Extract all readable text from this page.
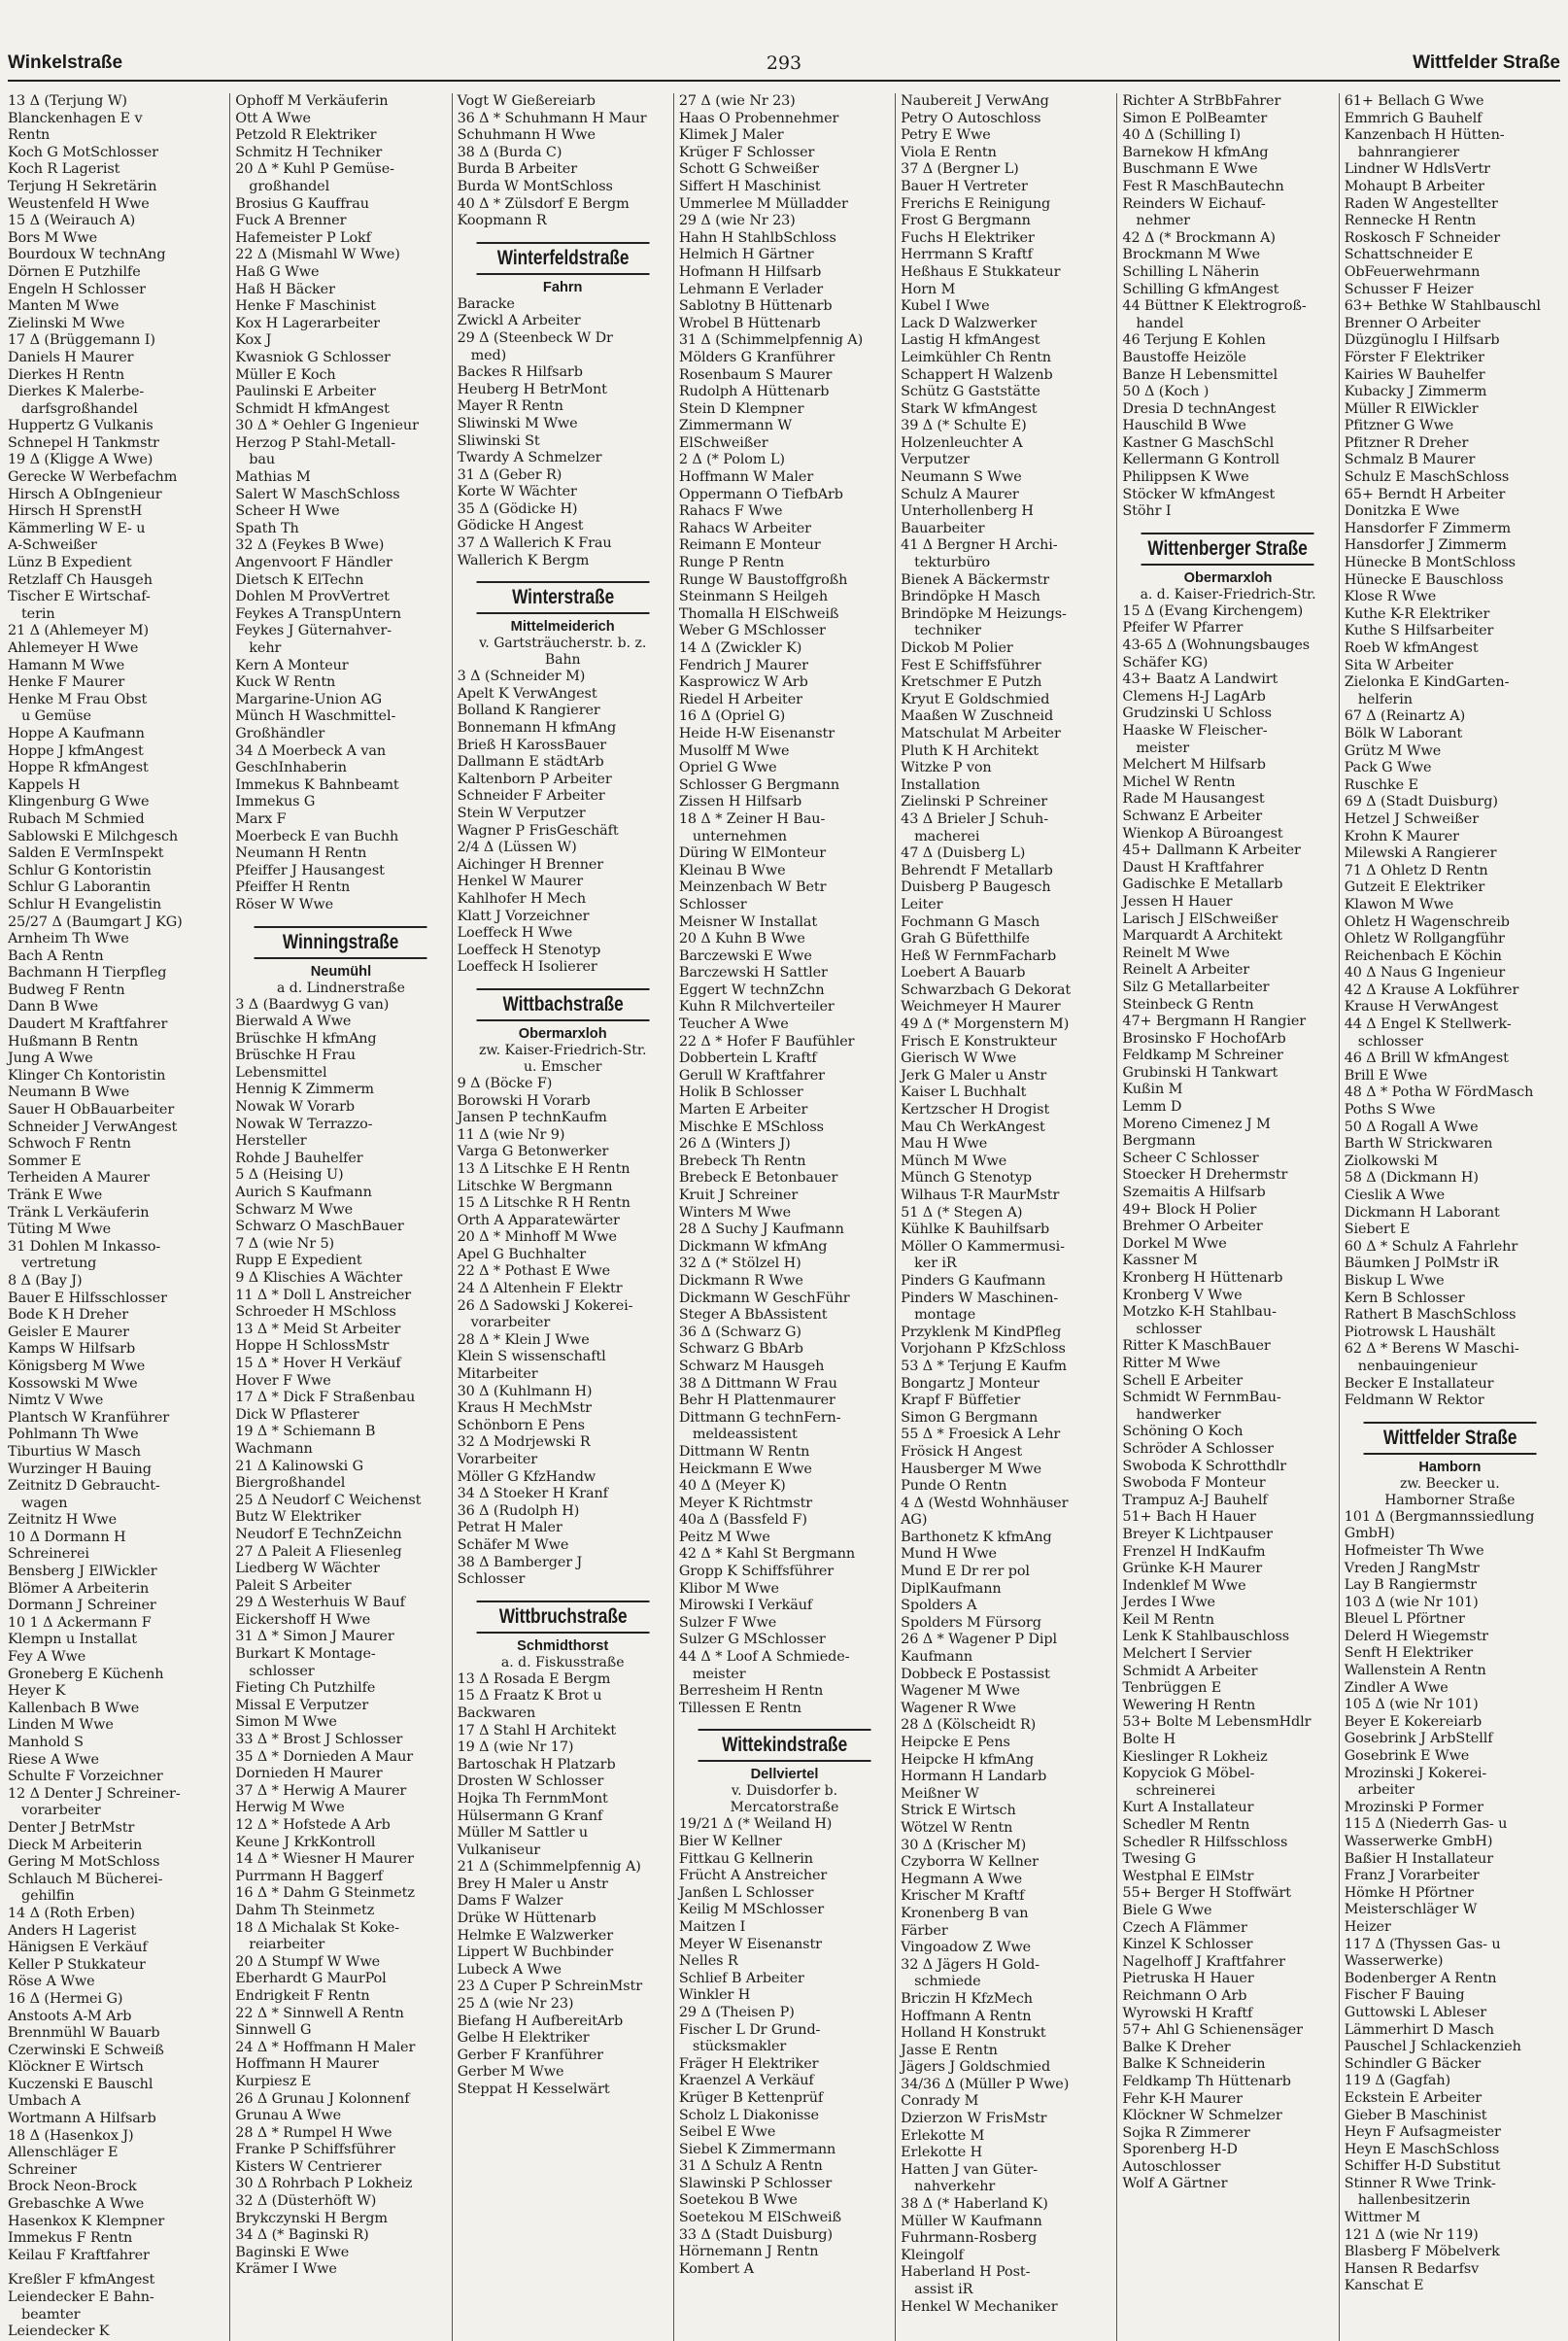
Winkelstraße	293	Wittfelder Straße
13 Δ (Terjung W)
Blanckenhagen E v
Rentn
Koch G MotSchlosser
Koch R Lagerist
Terjung H Sekretärin
Weustenfeld H Wwe
15 Δ (Weirauch A)
Bors M Wwe
Bourdoux W technAng
Dörnen E Putzhilfe
Engeln H Schlosser
Manten M Wwe
Zielinski M Wwe
17 Δ (Brüggemann I)
Daniels H Maurer
Dierkes H Rentn
Dierkes K Malerbe-
darfsgroßhandel
Huppertz G Vulkanis
Schnepel H Tankmstr
19 Δ (Kligge A Wwe)
Gerecke W Werbefachm
Hirsch A ObIngenieur
Hirsch H SprenstH
Kämmerling W E- u
A-Schweißer
Lünz B Expedient
Retzlaff Ch Hausgeh
Tischer E Wirtschaf-
terin
21 Δ (Ahlemeyer M)
Ahlemeyer H Wwe
Hamann M Wwe
Henke F Maurer
Henke M Frau Obst
u Gemüse
Hoppe A Kaufmann
Hoppe J kfmAngest
Hoppe R kfmAngest
Kappels H
Klingenburg G Wwe
Rubach M Schmied
Sablowski E Milchgesch
Salden E VermInspekt
Schlur G Kontoristin
Schlur G Laborantin
Schlur H Evangelistin
25/27 Δ (Baumgart J KG)
Arnheim Th Wwe
Bach A Rentn
Bachmann H Tierpfleg
Budweg F Rentn
Dann B Wwe
Daudert M Kraftfahrer
Hußmann B Rentn
Jung A Wwe
Klinger Ch Kontoristin
Neumann B Wwe
Sauer H ObBauarbeiter
Schneider J VerwAngest
Schwoch F Rentn
Sommer E
Terheiden A Maurer
Tränk E Wwe
Tränk L Verkäuferin
Tüting M Wwe
31 Dohlen M Inkasso-
vertretung
8 Δ (Bay J)
Bauer E Hilfsschlosser
Bode K H Dreher
Geisler E Maurer
Kamps W Hilfsarb
Königsberg M Wwe
Kossowski M Wwe
Nimtz V Wwe
Plantsch W Kranführer
Pohlmann Th Wwe
Tiburtius W Masch
Wurzinger H Bauing
Zeitnitz D Gebraucht-
wagen
Zeitnitz H Wwe
10 Δ Dormann H
Schreinerei
Bensberg J ElWickler
Blömer A Arbeiterin
Dormann J Schreiner
10 1 Δ Ackermann F
Klempn u Installat
Fey A Wwe
Groneberg E Küchenh
Heyer K
Kallenbach B Wwe
Linden M Wwe
Manhold S
Riese A Wwe
Schulte F Vorzeichner
12 Δ Denter J Schreiner-
vorarbeiter
Denter J BetrMstr
Dieck M Arbeiterin
Gering M MotSchloss
Schlauch M Bücherei-
gehilfin
14 Δ (Roth Erben)
Anders H Lagerist
Hänigsen E Verkäuf
Keller P Stukkateur
Röse A Wwe
16 Δ (Hermei G)
Anstoots A-M Arb
Brennmühl W Bauarb
Czerwinski E Schweiß
Klöckner E Wirtsch
Kuczenski E Bauschl
Umbach A
Wortmann A Hilfsarb
18 Δ (Hasenkox J)
Allenschläger E
Schreiner
Brock Neon-Brock
Grebaschke A Wwe
Hasenkox K Klempner
Immekus F Rentn
Keilau F Kraftfahrer
Kreßler F kfmAngest
Leiendecker E Bahn-
beamter
Leiendecker K
Ophoff M Verkäuferin
Ott A Wwe
Petzold R Elektriker
Schmitz H Techniker
20 Δ * Kuhl P Gemüse-
großhandel
Brosius G Kauffrau
Fuck A Brenner
Hafemeister P Lokf
22 Δ (Mismahl W Wwe)
Haß G Wwe
Haß H Bäcker
Henke F Maschinist
Kox H Lagerarbeiter
Kox J
Kwasniok G Schlosser
Müller E Koch
Paulinski E Arbeiter
Schmidt H kfmAngest
30 Δ * Oehler G Ingenieur
Herzog P Stahl-Metall-
bau
Mathias M
Salert W MaschSchloss
Scheer H Wwe
Spath Th
32 Δ (Feykes B Wwe)
Angenvoort F Händler
Dietsch K ElTechn
Dohlen M ProvVertret
Feykes A TranspUntern
Feykes J Güternahver-
kehr
Kern A Monteur
Kuck W Rentn
Margarine-Union AG
Münch H Waschmittel-
Großhändler
34 Δ Moerbeck A van
GeschInhaberin
Immekus K Bahnbeamt
Immekus G
Marx F
Moerbeck E van Buchh
Neumann H Rentn
Pfeiffer J Hausangest
Pfeiffer H Rentn
Röser W Wwe
Winningstraße
Neumühl
a d. Lindnerstraße
3 Δ (Baardwyg G van)
Bierwald A Wwe
Brüschke H kfmAng
Brüschke H Frau
Lebensmittel
Hennig K Zimmerm
Nowak W Vorarb
Nowak W Terrazzo-
Hersteller
Rohde J Bauhelfer
5 Δ (Heising U)
Aurich S Kaufmann
Schwarz M Wwe
Schwarz O MaschBauer
7 Δ (wie Nr 5)
Rupp E Expedient
9 Δ Klischies A Wächter
11 Δ * Doll L Anstreicher
Schroeder H MSchloss
13 Δ * Meid St Arbeiter
Hoppe H SchlossMstr
15 Δ * Hover H Verkäuf
Hover F Wwe
17 Δ * Dick F Straßenbau
Dick W Pflasterer
19 Δ * Schiemann B
Wachmann
21 Δ Kalinowski G
Biergroßhandel
25 Δ Neudorf C Weichenst
Butz W Elektriker
Neudorf E TechnZeichn
27 Δ Paleit A Fliesenleg
Liedberg W Wächter
Paleit S Arbeiter
29 Δ Westerhuis W Bauf
Eickershoff H Wwe
31 Δ * Simon J Maurer
Burkart K Montage-
schlosser
Fieting Ch Putzhilfe
Missal E Verputzer
Simon M Wwe
33 Δ * Brost J Schlosser
35 Δ * Dornieden A Maur
Dornieden H Maurer
37 Δ * Herwig A Maurer
Herwig M Wwe
12 Δ * Hofstede A Arb
Keune J KrkKontroll
14 Δ * Wiesner H Maurer
Purrmann H Baggerf
16 Δ * Dahm G Steinmetz
Dahm Th Steinmetz
18 Δ Michalak St Koke-
reiarbeiter
20 Δ Stumpf W Wwe
Eberhardt G MaurPol
Endrigkeit F Rentn
22 Δ * Sinnwell A Rentn
Sinnwell G
24 Δ * Hoffmann H Maler
Hoffmann H Maurer
Kurpiesz E
26 Δ Grunau J Kolonnenf
Grunau A Wwe
28 Δ * Rumpel H Wwe
Franke P Schiffsführer
Kisters W Centrierer
30 Δ Rohrbach P Lokheiz
32 Δ (Düsterhöft W)
Brykczynski H Bergm
34 Δ (* Baginski R)
Baginski E Wwe
Krämer I Wwe
Vogt W Gießereiarb
36 Δ * Schuhmann H Maur
Schuhmann H Wwe
38 Δ (Burda C)
Burda B Arbeiter
Burda W MontSchloss
40 Δ * Zülsdorf E Bergm
Koopmann R
Winterfeldstraße
Fahrn
Baracke
Zwickl A Arbeiter
29 Δ (Steenbeck W Dr
med)
Backes R Hilfsarb
Heuberg H BetrMont
Mayer R Rentn
Sliwinski M Wwe
Sliwinski St
Twardy A Schmelzer
31 Δ (Geber R)
Korte W Wächter
35 Δ (Gödicke H)
Gödicke H Angest
37 Δ Wallerich K Frau
Wallerich K Bergm
Winterstraße
Mittelmeiderich
v. Gartsträucherstr. b. z.
Bahn
3 Δ (Schneider M)
Apelt K VerwAngest
Bolland K Rangierer
Bonnemann H kfmAng
Brieß H KarossBauer
Dallmann E städtArb
Kaltenborn P Arbeiter
Schneider F Arbeiter
Stein W Verputzer
Wagner P FrisGeschäft
2/4 Δ (Lüssen W)
Aichinger H Brenner
Henkel W Maurer
Kahlhofer H Mech
Klatt J Vorzeichner
Loeffeck H Wwe
Loeffeck H Stenotyp
Loeffeck H Isolierer
Wittbachstraße
Obermarxloh
zw. Kaiser-Friedrich-Str.
u. Emscher
9 Δ (Böcke F)
Borowski H Vorarb
Jansen P technKaufm
11 Δ (wie Nr 9)
Varga G Betonwerker
13 Δ Litschke E H Rentn
Litschke W Bergmann
15 Δ Litschke R H Rentn
Orth A Apparatewärter
20 Δ * Minhoff M Wwe
Apel G Buchhalter
22 Δ * Pothast E Wwe
24 Δ Altenhein F Elektr
26 Δ Sadowski J Kokerei-
vorarbeiter
28 Δ * Klein J Wwe
Klein S wissenschaftl
Mitarbeiter
30 Δ (Kuhlmann H)
Kraus H MechMstr
Schönborn E Pens
32 Δ Modrjewski R
Vorarbeiter
Möller G KfzHandw
34 Δ Stoeker H Kranf
36 Δ (Rudolph H)
Petrat H Maler
Schäfer M Wwe
38 Δ Bamberger J
Schlosser
Wittbruchstraße
Schmidthorst
a. d. Fiskusstraße
13 Δ Rosada E Bergm
15 Δ Fraatz K Brot u
Backwaren
17 Δ Stahl H Architekt
19 Δ (wie Nr 17)
Bartoschak H Platzarb
Drosten W Schlosser
Hojka Th FernmMont
Hülsermann G Kranf
Müller M Sattler u
Vulkaniseur
21 Δ (Schimmelpfennig A)
Brey H Maler u Anstr
Dams F Walzer
Drüke W Hüttenarb
Helmke E Walzwerker
Lippert W Buchbinder
Lubeck A Wwe
23 Δ Cuper P SchreinMstr
25 Δ (wie Nr 23)
Biefang H AufbereitArb
Gelbe H Elektriker
Gerber F Kranführer
Gerber M Wwe
Steppat H Kesselwärt
27 Δ (wie Nr 23)
Haas O Probennehmer
Klimek J Maler
Krüger F Schlosser
Schott G Schweißer
Siffert H Maschinist
Ummerlee M Mülladder
29 Δ (wie Nr 23)
Hahn H StahlbSchloss
Helmich H Gärtner
Hofmann H Hilfsarb
Lehmann E Verlader
Sablotny B Hüttenarb
Wrobel B Hüttenarb
31 Δ (Schimmelpfennig A)
Mölders G Kranführer
Rosenbaum S Maurer
Rudolph A Hüttenarb
Stein D Klempner
Zimmermann W
ElSchweißer
2 Δ (* Polom L)
Hoffmann W Maler
Oppermann O TiefbArb
Rahacs F Wwe
Rahacs W Arbeiter
Reimann E Monteur
Runge P Rentn
Runge W Baustoffgroßh
Steinmann S Heilgeh
Thomalla H ElSchweiß
Weber G MSchlosser
14 Δ (Zwickler K)
Fendrich J Maurer
Kasprowicz W Arb
Riedel H Arbeiter
16 Δ (Opriel G)
Heide H-W Eisenanstr
Musolff M Wwe
Opriel G Wwe
Schlosser G Bergmann
Zissen H Hilfsarb
18 Δ * Zeiner H Bau-
unternehmen
Düring W ElMonteur
Kleinau B Wwe
Meinzenbach W Betr
Schlosser
Meisner W Installat
20 Δ Kuhn B Wwe
Barczewski E Wwe
Barczewski H Sattler
Eggert W technZchn
Kuhn R Milchverteiler
Teucher A Wwe
22 Δ * Hofer F Baufühler
Dobbertein L Kraftf
Gerull W Kraftfahrer
Holik B Schlosser
Marten E Arbeiter
Mischke E MSchloss
26 Δ (Winters J)
Brebeck Th Rentn
Brebeck E Betonbauer
Kruit J Schreiner
Winters M Wwe
28 Δ Suchy J Kaufmann
Dickmann W kfmAng
32 Δ (* Stölzel H)
Dickmann R Wwe
Dickmann W GeschFühr
Steger A BbAssistent
36 Δ (Schwarz G)
Schwarz G BbArb
Schwarz M Hausgeh
38 Δ Dittmann W Frau
Behr H Plattenmaurer
Dittmann G technFern-
meldeassistent
Dittmann W Rentn
Heickmann E Wwe
40 Δ (Meyer K)
Meyer K Richtmstr
40a Δ (Bassfeld F)
Peitz M Wwe
42 Δ * Kahl St Bergmann
Gropp K Schiffsführer
Klibor M Wwe
Mirowski I Verkäuf
Sulzer F Wwe
Sulzer G MSchlosser
44 Δ * Loof A Schmiede-
meister
Berresheim H Rentn
Tillessen E Rentn
Wittekindstraße
Dellviertel
v. Duisdorfer b.
Mercatorstraße
19/21 Δ (* Weiland H)
Bier W Kellner
Fittkau G Kellnerin
Frücht A Anstreicher
Janßen L Schlosser
Keilig M MSchlosser
Maitzen I
Meyer W Eisenanstr
Nelles R
Schlief B Arbeiter
Winkler H
29 Δ (Theisen P)
Fischer L Dr Grund-
stücksmakler
Fräger H Elektriker
Kraenzel A Verkäuf
Krüger B Kettenprüf
Scholz L Diakonisse
Seibel E Wwe
Siebel K Zimmermann
31 Δ Schulz A Rentn
Slawinski P Schlosser
Soetekou B Wwe
Soetekou M ElSchweiß
33 Δ (Stadt Duisburg)
Hörnemann J Rentn
Kombert A
Naubereit J VerwAng
Petry O Autoschloss
Petry E Wwe
Viola E Rentn
37 Δ (Bergner L)
Bauer H Vertreter
Frerichs E Reinigung
Frost G Bergmann
Fuchs H Elektriker
Herrmann S Kraftf
Heßhaus E Stukkateur
Horn M
Kubel I Wwe
Lack D Walzwerker
Lastig H kfmAngest
Leimkühler Ch Rentn
Schappert H Walzenb
Schütz G Gaststätte
Stark W kfmAngest
39 Δ (* Schulte E)
Holzenleuchter A
Verputzer
Neumann S Wwe
Schulz A Maurer
Unterhollenberg H
Bauarbeiter
41 Δ Bergner H Archi-
tekturbüro
Bienek A Bäckermstr
Brindöpke H Masch
Brindöpke M Heizungs-
techniker
Dickob M Polier
Fest E Schiffsführer
Kretschmer E Putzh
Kryut E Goldschmied
Maaßen W Zuschneid
Matschulat M Arbeiter
Pluth K H Architekt
Witzke P von
Installation
Zielinski P Schreiner
43 Δ Brieler J Schuh-
macherei
47 Δ (Duisberg L)
Behrendt F Metallarb
Duisberg P Baugesch
Leiter
Fochmann G Masch
Grah G Büfetthilfe
Heß W FernmFacharb
Loebert A Bauarb
Schwarzbach G Dekorat
Weichmeyer H Maurer
49 Δ (* Morgenstern M)
Frisch E Konstrukteur
Gierisch W Wwe
Jerk G Maler u Anstr
Kaiser L Buchhalt
Kertzscher H Drogist
Mau Ch WerkAngest
Mau H Wwe
Münch M Wwe
Münch G Stenotyp
Wilhaus T-R MaurMstr
51 Δ (* Stegen A)
Kühlke K Bauhilfsarb
Möller O Kammermusi-
ker iR
Pinders G Kaufmann
Pinders W Maschinen-
montage
Przyklenk M KindPfleg
Vorjohann P KfzSchloss
53 Δ * Terjung E Kaufm
Bongartz J Monteur
Krapf F Büffetier
Simon G Bergmann
55 Δ * Froesick A Lehr
Frösick H Angest
Hausberger M Wwe
Punde O Rentn
4 Δ (Westd Wohnhäuser
AG)
Barthonetz K kfmAng
Mund H Wwe
Mund E Dr rer pol
DiplKaufmann
Spolders A
Spolders M Fürsorg
26 Δ * Wagener P Dipl
Kaufmann
Dobbeck E Postassist
Wagener M Wwe
Wagener R Wwe
28 Δ (Kölscheidt R)
Heipcke E Pens
Heipcke H kfmAng
Hormann H Landarb
Meißner W
Strick E Wirtsch
Wötzel W Rentn
30 Δ (Krischer M)
Czyborra W Kellner
Hegmann A Wwe
Krischer M Kraftf
Kronenberg B van
Färber
Vingoadow Z Wwe
32 Δ Jägers H Gold-
schmiede
Briczin H KfzMech
Hoffmann A Rentn
Holland H Konstrukt
Jasse E Rentn
Jägers J Goldschmied
34/36 Δ (Müller P Wwe)
Conrady M
Dzierzon W FrisMstr
Erlekotte M
Erlekotte H
Hatten J van Güter-
nahverkehr
38 Δ (* Haberland K)
Müller W Kaufmann
Fuhrmann-Rosberg
Kleingolf
Haberland H Post-
assist iR
Henkel W Mechaniker
Richter A StrBbFahrer
Simon E PolBeamter
40 Δ (Schilling I)
Barnekow H kfmAng
Buschmann E Wwe
Fest R MaschBautechn
Reinders W Eichauf-
nehmer
42 Δ (* Brockmann A)
Brockmann M Wwe
Schilling L Näherin
Schilling G kfmAngest
44 Büttner K Elektrogroß-
handel
46 Terjung E Kohlen
Baustoffe Heizöle
Banze H Lebensmittel
50 Δ (Koch )
Dresia D technAngest
Hauschild B Wwe
Kastner G MaschSchl
Kellermann G Kontroll
Philippsen K Wwe
Stöcker W kfmAngest
Stöhr I
Wittenberger Straße
Obermarxloh
a. d. Kaiser-Friedrich-Str.
15 Δ (Evang Kirchengem)
Pfeifer W Pfarrer
43-65 Δ (Wohnungsbauges
Schäfer KG)
43+ Baatz A Landwirt
Clemens H-J LagArb
Grudzinski U Schloss
Haaske W Fleischer-
meister
Melchert M Hilfsarb
Michel W Rentn
Rade M Hausangest
Schwanz E Arbeiter
Wienkop A Büroangest
45+ Dallmann K Arbeiter
Daust H Kraftfahrer
Gadischke E Metallarb
Jessen H Hauer
Larisch J ElSchweißer
Marquardt A Architekt
Reinelt M Wwe
Reinelt A Arbeiter
Silz G Metallarbeiter
Steinbeck G Rentn
47+ Bergmann H Rangier
Brosinsko F HochofArb
Feldkamp M Schreiner
Grubinski H Tankwart
Kußin M
Lemm D
Moreno Cimenez J M
Bergmann
Scheer C Schlosser
Stoecker H Drehermstr
Szemaitis A Hilfsarb
49+ Block H Polier
Brehmer O Arbeiter
Dorkel M Wwe
Kassner M
Kronberg H Hüttenarb
Kronberg V Wwe
Motzko K-H Stahlbau-
schlosser
Ritter K MaschBauer
Ritter M Wwe
Schell E Arbeiter
Schmidt W FernmBau-
handwerker
Schöning O Koch
Schröder A Schlosser
Swoboda K Schrotthdlr
Swoboda F Monteur
Trampuz A-J Bauhelf
51+ Bach H Hauer
Breyer K Lichtpauser
Frenzel H IndKaufm
Grünke K-H Maurer
Indenklef M Wwe
Jerdes I Wwe
Keil M Rentn
Lenk K Stahlbauschloss
Melchert I Servier
Schmidt A Arbeiter
Tenbrüggen E
Wewering H Rentn
53+ Bolte M LebensmHdlr
Bolte H
Kieslinger R Lokheiz
Kopyciok G Möbel-
schreinerei
Kurt A Installateur
Schedler M Rentn
Schedler R Hilfsschloss
Twesing G
Westphal E ElMstr
55+ Berger H Stoffwärt
Biele G Wwe
Czech A Flämmer
Kinzel K Schlosser
Nagelhoff J Kraftfahrer
Pietruska H Hauer
Reichmann O Arb
Wyrowski H Kraftf
57+ Ahl G Schienensäger
Balke K Dreher
Balke K Schneiderin
Feldkamp Th Hüttenarb
Fehr K-H Maurer
Klöckner W Schmelzer
Sojka R Zimmerer
Sporenberg H-D
Autoschlosser
Wolf A Gärtner
61+ Bellach G Wwe
Emmrich G Bauhelf
Kanzenbach H Hütten-
bahnrangierer
Lindner W HdlsVertr
Mohaupt B Arbeiter
Raden W Angestellter
Rennecke H Rentn
Roskosch F Schneider
Schattschneider E
ObFeuerwehrmann
Schusser F Heizer
63+ Bethke W Stahlbauschl
Brenner O Arbeiter
Düzgünoglu I Hilfsarb
Förster F Elektriker
Kairies W Bauhelfer
Kubacky J Zimmerm
Müller R ElWickler
Pfitzner G Wwe
Pfitzner R Dreher
Schmalz B Maurer
Schulz E MaschSchloss
65+ Berndt H Arbeiter
Donitzka E Wwe
Hansdorfer F Zimmerm
Hansdorfer J Zimmerm
Hünecke B MontSchloss
Hünecke E Bauschloss
Klose R Wwe
Kuthe K-R Elektriker
Kuthe S Hilfsarbeiter
Roeb W kfmAngest
Sita W Arbeiter
Zielonka E KindGarten-
helferin
67 Δ (Reinartz A)
Bölk W Laborant
Grütz M Wwe
Pack G Wwe
Ruschke E
69 Δ (Stadt Duisburg)
Hetzel J Schweißer
Krohn K Maurer
Milewski A Rangierer
71 Δ Ohletz D Rentn
Gutzeit E Elektriker
Klawon M Wwe
Ohletz H Wagenschreib
Ohletz W Rollgangführ
Reichenbach E Köchin
40 Δ Naus G Ingenieur
42 Δ Krause A Lokführer
Krause H VerwAngest
44 Δ Engel K Stellwerk-
schlosser
46 Δ Brill W kfmAngest
Brill E Wwe
48 Δ * Potha W FördMasch
Poths S Wwe
50 Δ Rogall A Wwe
Barth W Strickwaren
Ziolkowski M
58 Δ (Dickmann H)
Cieslik A Wwe
Dickmann H Laborant
Siebert E
60 Δ * Schulz A Fahrlehr
Bäumken J PolMstr iR
Biskup L Wwe
Kern B Schlosser
Rathert B MaschSchloss
Piotrowsk L Haushält
62 Δ * Berens W Maschi-
nenbauingenieur
Becker E Installateur
Feldmann W Rektor
Wittfelder Straße
Hamborn
zw. Beecker u.
Hamborner Straße
101 Δ (Bergmannssiedlung
GmbH)
Hofmeister Th Wwe
Vreden J RangMstr
Lay B Rangiermstr
103 Δ (wie Nr 101)
Bleuel L Pförtner
Delerd H Wiegemstr
Senft H Elektriker
Wallenstein A Rentn
Zindler A Wwe
105 Δ (wie Nr 101)
Beyer E Kokereiarb
Gosebrink J ArbStellf
Gosebrink E Wwe
Mrozinski J Kokerei-
arbeiter
Mrozinski P Former
115 Δ (Niederrh Gas- u
Wasserwerke GmbH)
Baßier H Installateur
Franz J Vorarbeiter
Hömke H Pförtner
Meisterschläger W
Heizer
117 Δ (Thyssen Gas- u
Wasserwerke)
Bodenberger A Rentn
Fischer F Bauing
Guttowski L Ableser
Lämmerhirt D Masch
Pauschel J Schlackenzieh
Schindler G Bäcker
119 Δ (Gagfah)
Eckstein E Arbeiter
Gieber B Maschinist
Heyn F Aufsagmeister
Heyn E MaschSchloss
Schiffer H-D Substitut
Stinner R Wwe Trink-
hallenbesitzerin
Wittmer M
121 Δ (wie Nr 119)
Blasberg F Möbelverk
Hansen R Bedarfsv
Kanschat E
